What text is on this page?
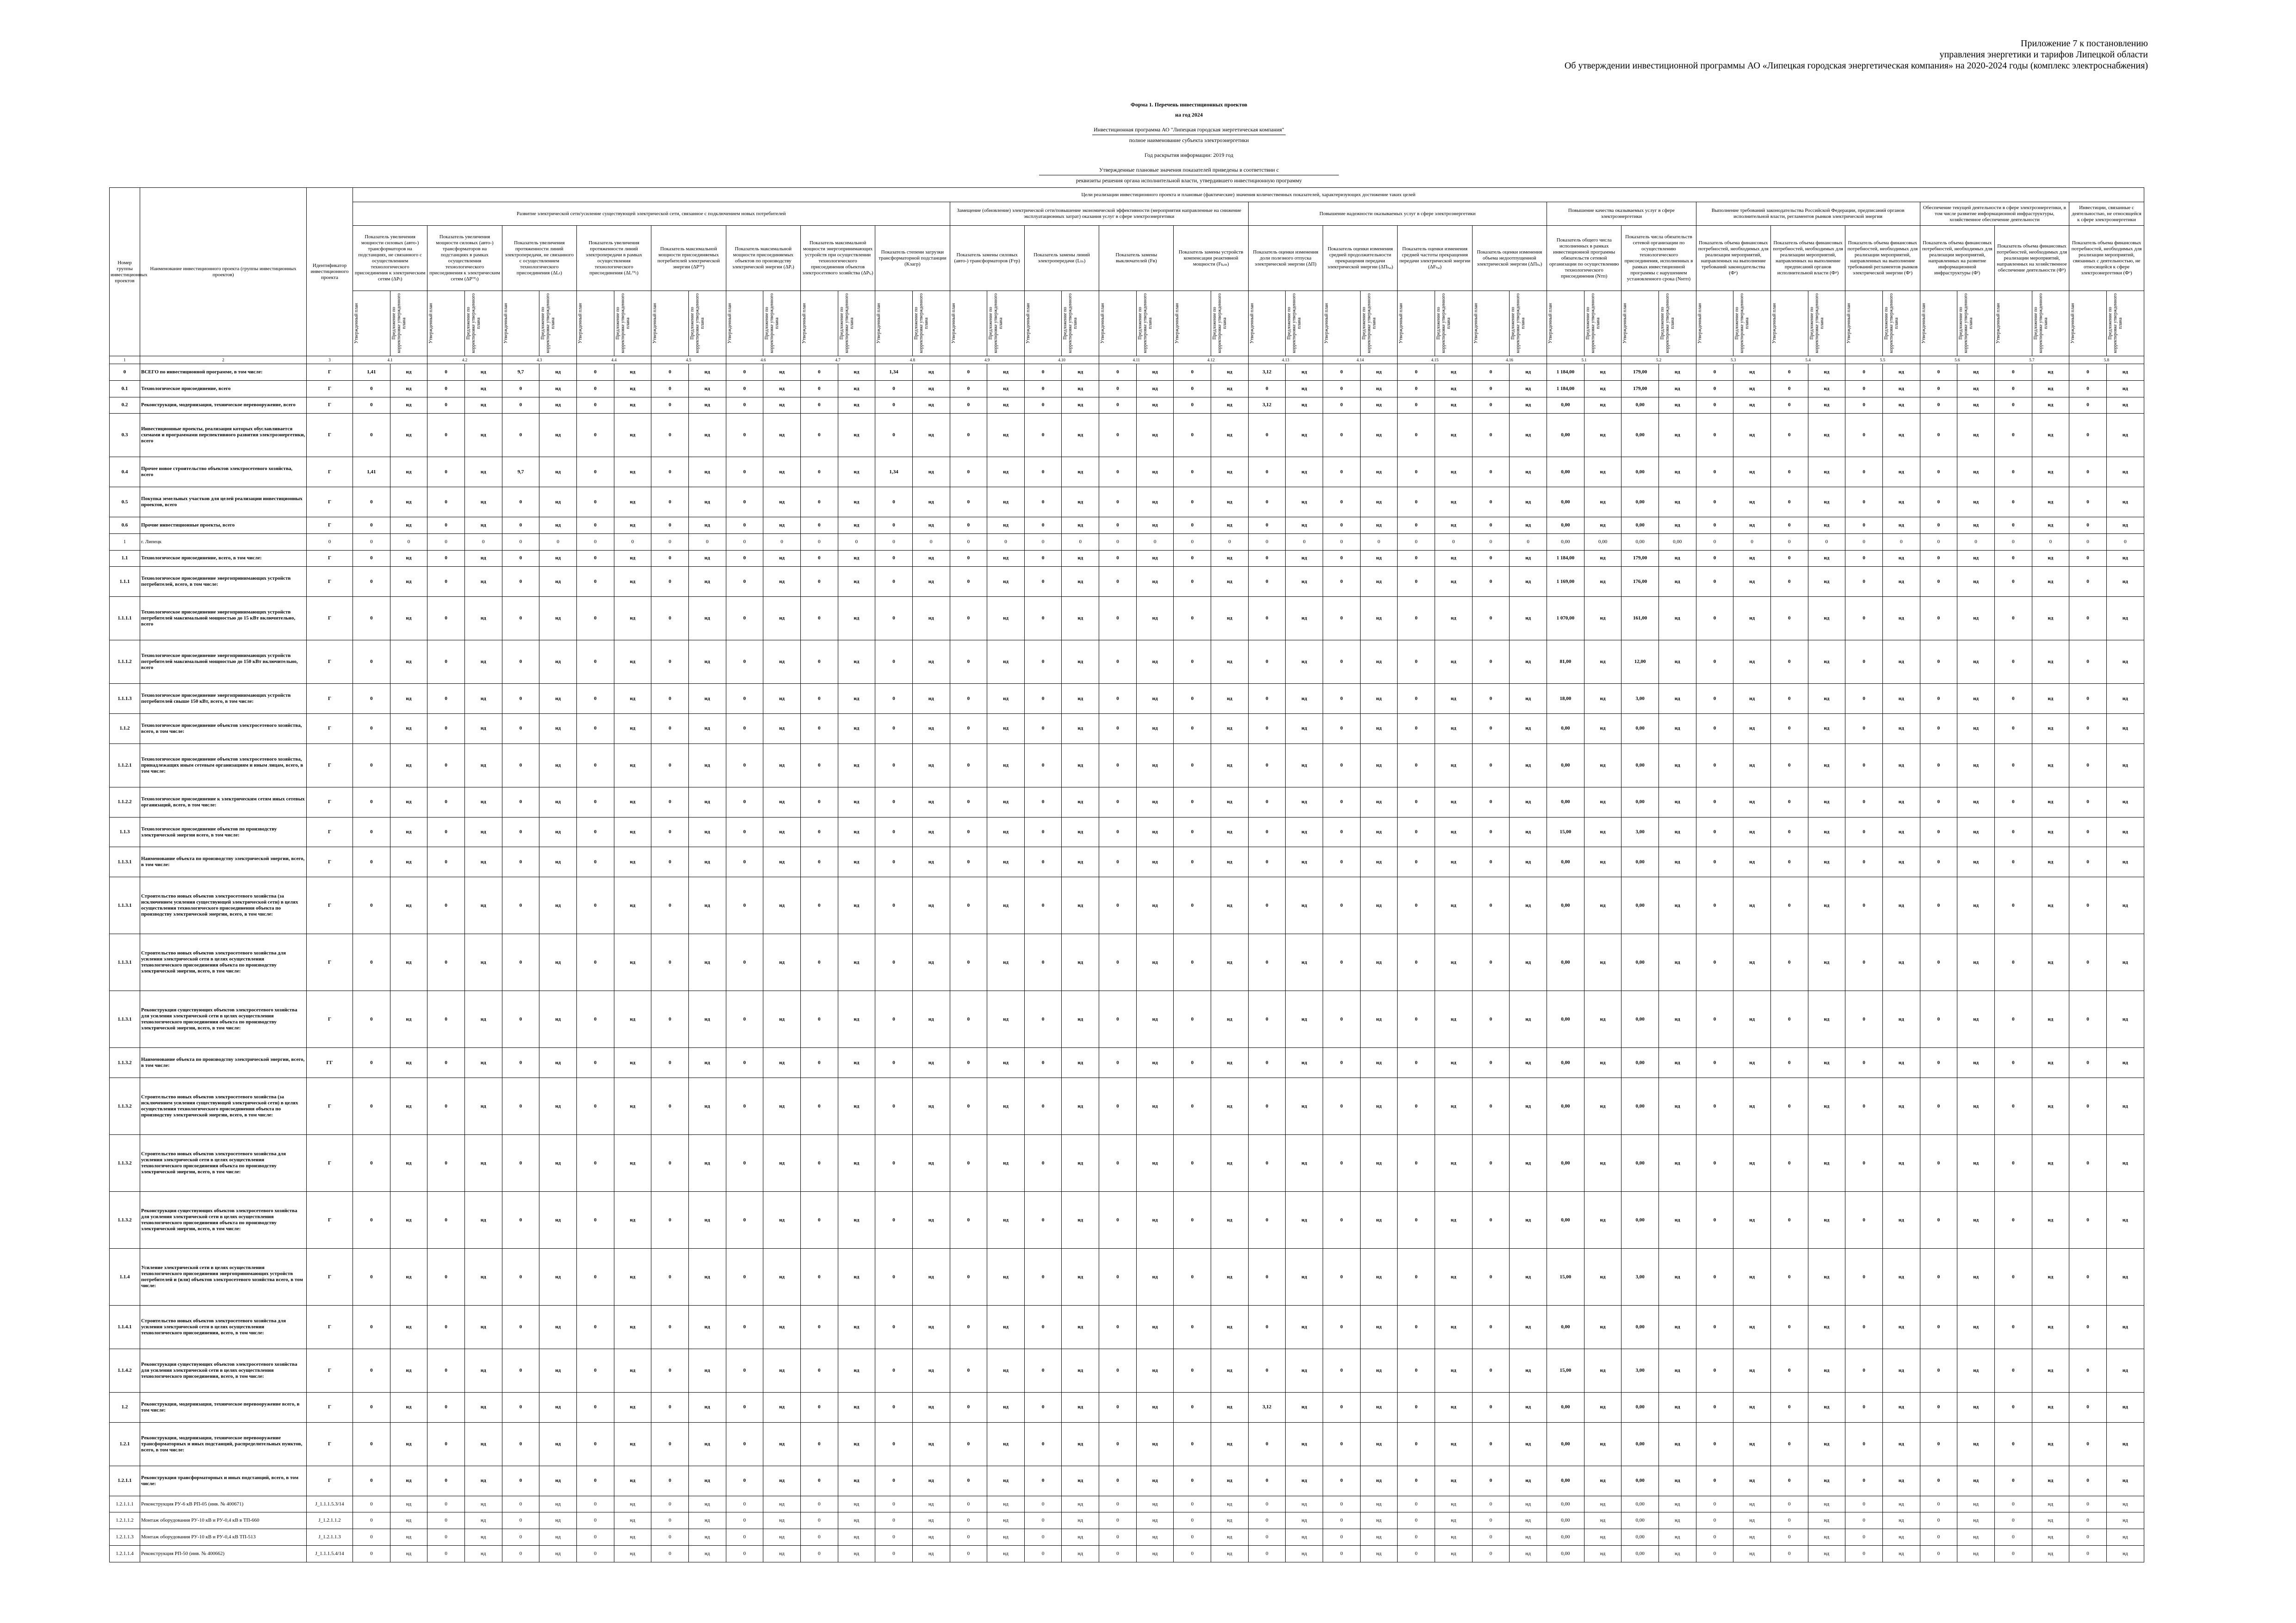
Приложение 7 к постановлению
управления энергетики и тарифов Липецкой области
Об утверждении инвестиционной программы АО «Липецкая городская энергетическая компания» на 2020-2024 годы (комплекс электроснабжения)
Форма 1. Перечень инвестиционных проектов
на год 2024
Инвестиционная программа АО "Липецкая городская энергетическая компания"
полное наименование субъекта электроэнергетики
Год раскрытия информации: 2019 год
Утвержденные плановые значения показателей приведены в соответствии с
реквизиты решения органа исполнительной власти, утвердившего инвестиционную программу
Номер группы инвестиционных проектов	Наименование инвестиционного проекта (группы инвестиционных проектов)	Идентификатор инвестиционного проекта	Цели реализации инвестиционного проекта и плановые (фактические) значения количественных показателей, характеризующих достижение таких целей																																															
			Развитие электрической сети/усиление существующей электрической сети, связанное с подключением новых потребителей																Замещение (обновление) электрической сети/повышение экономической эффективности (мероприятия направленные на снижение эксплуатационных затрат) оказания услуг в сфере электроэнергетики								Повышение надежности оказываемых услуг в сфере электроэнергетики								Повышение качества оказываемых услуг в сфере электроэнергетики				Выполнение требований законодательства Российской Федерации, предписаний органов исполнительной власти, регламентов рынков электрической энергии						Обеспечение текущей деятельности в сфере электроэнергетики, в том числе развитие информационной инфраструктуры, хозяйственное обеспечение деятельности				Инвестиции, связанные с деятельностью, не относящейся к сфере электроэнергетики	
			Показатель увеличения мощности силовых (авто-) трансформаторов на подстанциях, не связанного с осуществлением технологического присоединения к электрическим сетям (ΔPₜ)		Показатель увеличения мощности силовых (авто-) трансформаторов на подстанциях в рамках осуществления технологического присоединения к электрическим сетям (ΔPᵀᴾₜ)		Показатель увеличения протяженности линий электропередачи, не связанного с осуществлением технологического присоединения (ΔLₜ)		Показатель увеличения протяженности линий электропередачи в рамках осуществления технологического присоединения (ΔLᵀᴾₜ)		Показатель максимальной мощности присоединяемых потребителей электрической энергии (ΔPᵀᴾ)		Показатель максимальной мощности присоединяемых объектов по производству электрической энергии (ΔPᵣ)		Показатель максимальной мощности энергопринимающих устройств при осуществлении технологического присоединения объектов электросетевого хозяйства (ΔPₜₑ)		Показатель степени загрузки трансформаторной подстанции (Kзагр)		Показатель замены силовых (авто-) трансформаторов (Fтр)		Показатель замены линий электропередачи (Lₗₙ)		Показатель замены выключателей (Fв)		Показатель замены устройств компенсации реактивной мощности (Fₖᵣₘ)		Показатель оценки изменения доли полезного отпуска электрической энергии (ΔП)		Показатель оценки изменения средней продолжительности прекращения передачи электрической энергии (ΔПₛₐᵢ)		Показатель оценки изменения средней частоты прекращения передачи электрической энергии (ΔFₛₐᵢ)		Показатель оценки изменения объема недоотпущенной электрической энергии (ΔПₙₑ)		Показатель общего числа исполненных в рамках инвестиционной программы обязательств сетевой организации по осуществлению технологического присоединения (Nтп)		Показатель числа обязательств сетевой организации по осуществлению технологического присоединения, исполненных в рамках инвестиционной программы с нарушением установленного срока (Nнтп)		Показатель объема финансовых потребностей, необходимых для реализации мероприятий, направленных на выполнение требований законодательства (Фᶻ)		Показатель объема финансовых потребностей, необходимых для реализации мероприятий, направленных на выполнение предписаний органов исполнительной власти (Фᵖ)		Показатель объема финансовых потребностей, необходимых для реализации мероприятий, направленных на выполнение требований регламентов рынков электрической энергии (Фʳ)		Показатель объема финансовых потребностей, необходимых для реализации мероприятий, направленных на развитие информационной инфраструктуры (Фⁱ)		Показатель объема финансовых потребностей, необходимых для реализации мероприятий, направленных на хозяйственное обеспечение деятельности (Фʰ)		Показатель объема финансовых потребностей, необходимых для реализации мероприятий, связанных с деятельностью, не относящейся к сфере электроэнергетики (Фᵒ)	

			Утвержденный план	Предложение по корректировке утвержденного плана	Утвержденный план	Предложение по корректировке утвержденного плана	Утвержденный план	Предложение по корректировке утвержденного плана	Утвержденный план	Предложение по корректировке утвержденного плана	Утвержденный план	Предложение по корректировке утвержденного плана	Утвержденный план	Предложение по корректировке утвержденного плана	Утвержденный план	Предложение по корректировке утвержденного плана	Утвержденный план	Предложение по корректировке утвержденного плана	Утвержденный план	Предложение по корректировке утвержденного плана	Утвержденный план	Предложение по корректировке утвержденного плана	Утвержденный план	Предложение по корректировке утвержденного плана	Утвержденный план	Предложение по корректировке утвержденного плана	Утвержденный план	Предложение по корректировке утвержденного плана	Утвержденный план	Предложение по корректировке утвержденного плана	Утвержденный план	Предложение по корректировке утвержденного плана	Утвержденный план	Предложение по корректировке утвержденного плана	Утвержденный план	Предложение по корректировке утвержденного плана	Утвержденный план	Предложение по корректировке утвержденного плана	Утвержденный план	Предложение по корректировке утвержденного плана	Утвержденный план	Предложение по корректировке утвержденного плана	Утвержденный план	Предложение по корректировке утвержденного плана	Утвержденный план	Предложение по корректировке утвержденного плана	Утвержденный план	Предложение по корректировке утвержденного плана	Утвержденный план	Предложение по корректировке утвержденного плана

1	2	3	4.1		4.2		4.3		4.4		4.5		4.6		4.7		4.8		4.9		4.10		4.11		4.12		4.13		4.14		4.15		4.16		5.1		5.2		5.3		5.4		5.5		5.6		5.7		5.8	
0	ВСЕГО по инвестиционной программе, в том числе:	Г	1,41	нд	0	нд	9,7	нд	0	нд	0	нд	0	нд	0	нд	1,34	нд	0	нд	0	нд	0	нд	0	нд	3,12	нд	0	нд	0	нд	0	нд	1 184,00	нд	179,00	нд	0	нд	0	нд	0	нд	0	нд	0	нд	0	нд
0.1	Технологическое присоединение, всего	Г	0	нд	0	нд	0	нд	0	нд	0	нд	0	нд	0	нд	0	нд	0	нд	0	нд	0	нд	0	нд	0	нд	0	нд	0	нд	0	нд	1 184,00	нд	179,00	нд	0	нд	0	нд	0	нд	0	нд	0	нд	0	нд
0.2	Реконструкция, модернизация, техническое перевооружение, всего	Г	0	нд	0	нд	0	нд	0	нд	0	нд	0	нд	0	нд	0	нд	0	нд	0	нд	0	нд	0	нд	3,12	нд	0	нд	0	нд	0	нд	0,00	нд	0,00	нд	0	нд	0	нд	0	нд	0	нд	0	нд	0	нд
0.3	Инвестиционные проекты, реализация которых обуславливается схемами и программами перспективного развития электроэнергетики, всего	Г	0	нд	0	нд	0	нд	0	нд	0	нд	0	нд	0	нд	0	нд	0	нд	0	нд	0	нд	0	нд	0	нд	0	нд	0	нд	0	нд	0,00	нд	0,00	нд	0	нд	0	нд	0	нд	0	нд	0	нд	0	нд
0.4	Прочее новое строительство объектов электросетевого хозяйства, всего	Г	1,41	нд	0	нд	9,7	нд	0	нд	0	нд	0	нд	0	нд	1,34	нд	0	нд	0	нд	0	нд	0	нд	0	нд	0	нд	0	нд	0	нд	0,00	нд	0,00	нд	0	нд	0	нд	0	нд	0	нд	0	нд	0	нд
0.5	Покупка земельных участков для целей реализации инвестиционных проектов, всего	Г	0	нд	0	нд	0	нд	0	нд	0	нд	0	нд	0	нд	0	нд	0	нд	0	нд	0	нд	0	нд	0	нд	0	нд	0	нд	0	нд	0,00	нд	0,00	нд	0	нд	0	нд	0	нд	0	нд	0	нд	0	нд
0.6	Прочие инвестиционные проекты, всего	Г	0	нд	0	нд	0	нд	0	нд	0	нд	0	нд	0	нд	0	нд	0	нд	0	нд	0	нд	0	нд	0	нд	0	нд	0	нд	0	нд	0,00	нд	0,00	нд	0	нд	0	нд	0	нд	0	нд	0	нд	0	нд
1	г. Липецк	0	0	0	0	0	0	0	0	0	0	0	0	0	0	0	0	0	0	0	0	0	0	0	0	0	0	0	0	0	0	0	0	0	0,00	0,00	0,00	0,00	0	0	0	0	0	0	0	0	0	0	0	0
1.1	Технологическое присоединение, всего, в том числе:	Г	0	нд	0	нд	0	нд	0	нд	0	нд	0	нд	0	нд	0	нд	0	нд	0	нд	0	нд	0	нд	0	нд	0	нд	0	нд	0	нд	1 184,00	нд	179,00	нд	0	нд	0	нд	0	нд	0	нд	0	нд	0	нд
1.1.1	Технологическое присоединение энергопринимающих устройств потребителей, всего, в том числе:	Г	0	нд	0	нд	0	нд	0	нд	0	нд	0	нд	0	нд	0	нд	0	нд	0	нд	0	нд	0	нд	0	нд	0	нд	0	нд	0	нд	1 169,00	нд	176,00	нд	0	нд	0	нд	0	нд	0	нд	0	нд	0	нд
1.1.1.1	Технологическое присоединение энергопринимающих устройств потребителей максимальной мощностью до 15 кВт включительно, всего	Г	0	нд	0	нд	0	нд	0	нд	0	нд	0	нд	0	нд	0	нд	0	нд	0	нд	0	нд	0	нд	0	нд	0	нд	0	нд	0	нд	1 070,00	нд	161,00	нд	0	нд	0	нд	0	нд	0	нд	0	нд	0	нд
1.1.1.2	Технологическое присоединение энергопринимающих устройств потребителей максимальной мощностью до 150 кВт включительно, всего	Г	0	нд	0	нд	0	нд	0	нд	0	нд	0	нд	0	нд	0	нд	0	нд	0	нд	0	нд	0	нд	0	нд	0	нд	0	нд	0	нд	81,00	нд	12,00	нд	0	нд	0	нд	0	нд	0	нд	0	нд	0	нд
1.1.1.3	Технологическое присоединение энергопринимающих устройств потребителей свыше 150 кВт, всего, в том числе:	Г	0	нд	0	нд	0	нд	0	нд	0	нд	0	нд	0	нд	0	нд	0	нд	0	нд	0	нд	0	нд	0	нд	0	нд	0	нд	0	нд	18,00	нд	3,00	нд	0	нд	0	нд	0	нд	0	нд	0	нд	0	нд
1.1.2	Технологическое присоединение объектов электросетевого хозяйства, всего, в том числе:	Г	0	нд	0	нд	0	нд	0	нд	0	нд	0	нд	0	нд	0	нд	0	нд	0	нд	0	нд	0	нд	0	нд	0	нд	0	нд	0	нд	0,00	нд	0,00	нд	0	нд	0	нд	0	нд	0	нд	0	нд	0	нд
1.1.2.1	Технологическое присоединение объектов электросетевого хозяйства, принадлежащих иным сетевым организациям и иным лицам, всего, в том числе:	Г	0	нд	0	нд	0	нд	0	нд	0	нд	0	нд	0	нд	0	нд	0	нд	0	нд	0	нд	0	нд	0	нд	0	нд	0	нд	0	нд	0,00	нд	0,00	нд	0	нд	0	нд	0	нд	0	нд	0	нд	0	нд
1.1.2.2	Технологическое присоединение к электрическим сетям иных сетевых организаций, всего, в том числе:	Г	0	нд	0	нд	0	нд	0	нд	0	нд	0	нд	0	нд	0	нд	0	нд	0	нд	0	нд	0	нд	0	нд	0	нд	0	нд	0	нд	0,00	нд	0,00	нд	0	нд	0	нд	0	нд	0	нд	0	нд	0	нд
1.1.3	Технологическое присоединение объектов по производству электрической энергии всего, в том числе:	Г	0	нд	0	нд	0	нд	0	нд	0	нд	0	нд	0	нд	0	нд	0	нд	0	нд	0	нд	0	нд	0	нд	0	нд	0	нд	0	нд	15,00	нд	3,00	нд	0	нд	0	нд	0	нд	0	нд	0	нд	0	нд
1.1.3.1	Наименование объекта по производству электрической энергии, всего, в том числе:	Г	0	нд	0	нд	0	нд	0	нд	0	нд	0	нд	0	нд	0	нд	0	нд	0	нд	0	нд	0	нд	0	нд	0	нд	0	нд	0	нд	0,00	нд	0,00	нд	0	нд	0	нд	0	нд	0	нд	0	нд	0	нд
1.1.3.1	Строительство новых объектов электросетевого хозяйства (за исключением усиления существующей электрической сети) в целях осуществления технологического присоединения объекта по производству электрической энергии, всего, в том числе:	Г	0	нд	0	нд	0	нд	0	нд	0	нд	0	нд	0	нд	0	нд	0	нд	0	нд	0	нд	0	нд	0	нд	0	нд	0	нд	0	нд	0,00	нд	0,00	нд	0	нд	0	нд	0	нд	0	нд	0	нд	0	нд
1.1.3.1	Строительство новых объектов электросетевого хозяйства для усиления электрической сети в целях осуществления технологического присоединения объекта по производству электрической энергии, всего, в том числе:	Г	0	нд	0	нд	0	нд	0	нд	0	нд	0	нд	0	нд	0	нд	0	нд	0	нд	0	нд	0	нд	0	нд	0	нд	0	нд	0	нд	0,00	нд	0,00	нд	0	нд	0	нд	0	нд	0	нд	0	нд	0	нд
1.1.3.1	Реконструкция существующих объектов электросетевого хозяйства для усиления электрической сети в целях осуществления технологического присоединения объекта по производству электрической энергии, всего, в том числе:	Г	0	нд	0	нд	0	нд	0	нд	0	нд	0	нд	0	нд	0	нд	0	нд	0	нд	0	нд	0	нд	0	нд	0	нд	0	нд	0	нд	0,00	нд	0,00	нд	0	нд	0	нд	0	нд	0	нд	0	нд	0	нд
1.1.3.2	Наименование объекта по производству электрической энергии, всего, в том числе:	ГГ	0	нд	0	нд	0	нд	0	нд	0	нд	0	нд	0	нд	0	нд	0	нд	0	нд	0	нд	0	нд	0	нд	0	нд	0	нд	0	нд	0,00	нд	0,00	нд	0	нд	0	нд	0	нд	0	нд	0	нд	0	нд
1.1.3.2	Строительство новых объектов электросетевого хозяйства (за исключением усиления существующей электрической сети) в целях осуществления технологического присоединения объекта по производству электрической энергии, всего, в том числе:	Г	0	нд	0	нд	0	нд	0	нд	0	нд	0	нд	0	нд	0	нд	0	нд	0	нд	0	нд	0	нд	0	нд	0	нд	0	нд	0	нд	0,00	нд	0,00	нд	0	нд	0	нд	0	нд	0	нд	0	нд	0	нд
1.1.3.2	Строительство новых объектов электросетевого хозяйства для усиления электрической сети в целях осуществления технологического присоединения объекта по производству электрической энергии, всего, в том числе:	Г	0	нд	0	нд	0	нд	0	нд	0	нд	0	нд	0	нд	0	нд	0	нд	0	нд	0	нд	0	нд	0	нд	0	нд	0	нд	0	нд	0,00	нд	0,00	нд	0	нд	0	нд	0	нд	0	нд	0	нд	0	нд
1.1.3.2	Реконструкция существующих объектов электросетевого хозяйства для усиления электрической сети в целях осуществления технологического присоединения объекта по производству электрической энергии, всего, в том числе:	Г	0	нд	0	нд	0	нд	0	нд	0	нд	0	нд	0	нд	0	нд	0	нд	0	нд	0	нд	0	нд	0	нд	0	нд	0	нд	0	нд	0,00	нд	0,00	нд	0	нд	0	нд	0	нд	0	нд	0	нд	0	нд
1.1.4	Усиление электрической сети в целях осуществления технологического присоединения энергопринимающих устройств потребителей и (или) объектов электросетевого хозяйства всего, в том числе:	Г	0	нд	0	нд	0	нд	0	нд	0	нд	0	нд	0	нд	0	нд	0	нд	0	нд	0	нд	0	нд	0	нд	0	нд	0	нд	0	нд	15,00	нд	3,00	нд	0	нд	0	нд	0	нд	0	нд	0	нд	0	нд
1.1.4.1	Строительство новых объектов электросетевого хозяйства для усиления электрической сети в целях осуществления технологического присоединения, всего, в том числе:	Г	0	нд	0	нд	0	нд	0	нд	0	нд	0	нд	0	нд	0	нд	0	нд	0	нд	0	нд	0	нд	0	нд	0	нд	0	нд	0	нд	0,00	нд	0,00	нд	0	нд	0	нд	0	нд	0	нд	0	нд	0	нд
1.1.4.2	Реконструкция существующих объектов электросетевого хозяйства для усиления электрической сети в целях осуществления технологического присоединения, всего, в том числе:	Г	0	нд	0	нд	0	нд	0	нд	0	нд	0	нд	0	нд	0	нд	0	нд	0	нд	0	нд	0	нд	0	нд	0	нд	0	нд	0	нд	15,00	нд	3,00	нд	0	нд	0	нд	0	нд	0	нд	0	нд	0	нд
1.2	Реконструкция, модернизация, техническое перевооружение всего, в том числе:	Г	0	нд	0	нд	0	нд	0	нд	0	нд	0	нд	0	нд	0	нд	0	нд	0	нд	0	нд	0	нд	3,12	нд	0	нд	0	нд	0	нд	0,00	нд	0,00	нд	0	нд	0	нд	0	нд	0	нд	0	нд	0	нд
1.2.1	Реконструкция, модернизация, техническое перевооружение трансформаторных и иных подстанций, распределительных пунктов, всего, в том числе:	Г	0	нд	0	нд	0	нд	0	нд	0	нд	0	нд	0	нд	0	нд	0	нд	0	нд	0	нд	0	нд	0	нд	0	нд	0	нд	0	нд	0,00	нд	0,00	нд	0	нд	0	нд	0	нд	0	нд	0	нд	0	нд
1.2.1.1	Реконструкция трансформаторных и иных подстанций, всего, в том числе:	Г	0	нд	0	нд	0	нд	0	нд	0	нд	0	нд	0	нд	0	нд	0	нд	0	нд	0	нд	0	нд	0	нд	0	нд	0	нд	0	нд	0,00	нд	0,00	нд	0	нд	0	нд	0	нд	0	нд	0	нд	0	нд
1.2.1.1.1	Реконструкция РУ-6 кВ РП-05 (инв. № 400671)	J_1.1.1.5.3/14	0	нд	0	нд	0	нд	0	нд	0	нд	0	нд	0	нд	0	нд	0	нд	0	нд	0	нд	0	нд	0	нд	0	нд	0	нд	0	нд	0,00	нд	0,00	нд	0	нд	0	нд	0	нд	0	нд	0	нд	0	нд
1.2.1.1.2	Монтаж оборудования РУ-10 кВ и РУ-0,4 кВ в ТП-660	J_1.2.1.1.2	0	нд	0	нд	0	нд	0	нд	0	нд	0	нд	0	нд	0	нд	0	нд	0	нд	0	нд	0	нд	0	нд	0	нд	0	нд	0	нд	0,00	нд	0,00	нд	0	нд	0	нд	0	нд	0	нд	0	нд	0	нд
1.2.1.1.3	Монтаж оборудования РУ-10 кВ и РУ-0,4 кВ ТП-513	J_1.2.1.1.3	0	нд	0	нд	0	нд	0	нд	0	нд	0	нд	0	нд	0	нд	0	нд	0	нд	0	нд	0	нд	0	нд	0	нд	0	нд	0	нд	0,00	нд	0,00	нд	0	нд	0	нд	0	нд	0	нд	0	нд	0	нд
1.2.1.1.4	Реконструкция РП-50 (инв. № 400662)	J_1.1.1.5.4/14	0	нд	0	нд	0	нд	0	нд	0	нд	0	нд	0	нд	0	нд	0	нд	0	нд	0	нд	0	нд	0	нд	0	нд	0	нд	0	нд	0,00	нд	0,00	нд	0	нд	0	нд	0	нд	0	нд	0	нд	0	нд
